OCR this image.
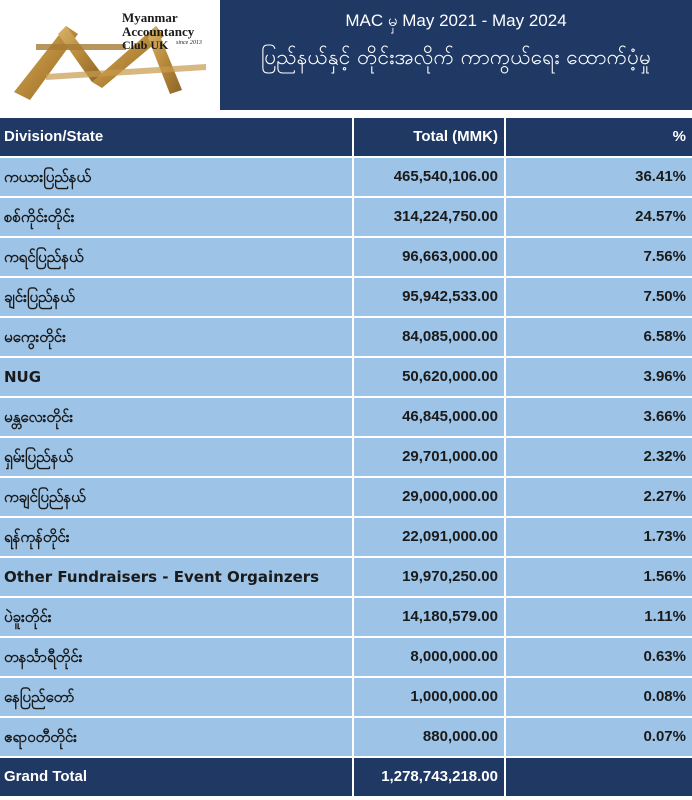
Myanmar
Accountancy
Club UK since 2013
MAC မှ May 2021 - May 2024
ပြည်နယ်နှင့် တိုင်းအလိုက် ကာကွယ်ရေး ထောက်ပံ့မှု
Division/State	Total (MMK)	%
ကယားပြည်နယ်	465,540,106.00	36.41%
စစ်ကိုင်းတိုင်း	314,224,750.00	24.57%
ကရင်ပြည်နယ်	96,663,000.00	7.56%
ချင်းပြည်နယ်	95,942,533.00	7.50%
မကွေးတိုင်း	84,085,000.00	6.58%
NUG	50,620,000.00	3.96%
မန္တလေးတိုင်း	46,845,000.00	3.66%
ရှမ်းပြည်နယ်	29,701,000.00	2.32%
ကချင်ပြည်နယ်	29,000,000.00	2.27%
ရန်ကုန်တိုင်း	22,091,000.00	1.73%
Other Fundraisers - Event Orgainzers	19,970,250.00	1.56%
ပဲခူးတိုင်း	14,180,579.00	1.11%
တနင်္သာရီတိုင်း	8,000,000.00	0.63%
နေပြည်တော်	1,000,000.00	0.08%
ဧရာဝတီတိုင်း	880,000.00	0.07%
Grand Total	1,278,743,218.00
